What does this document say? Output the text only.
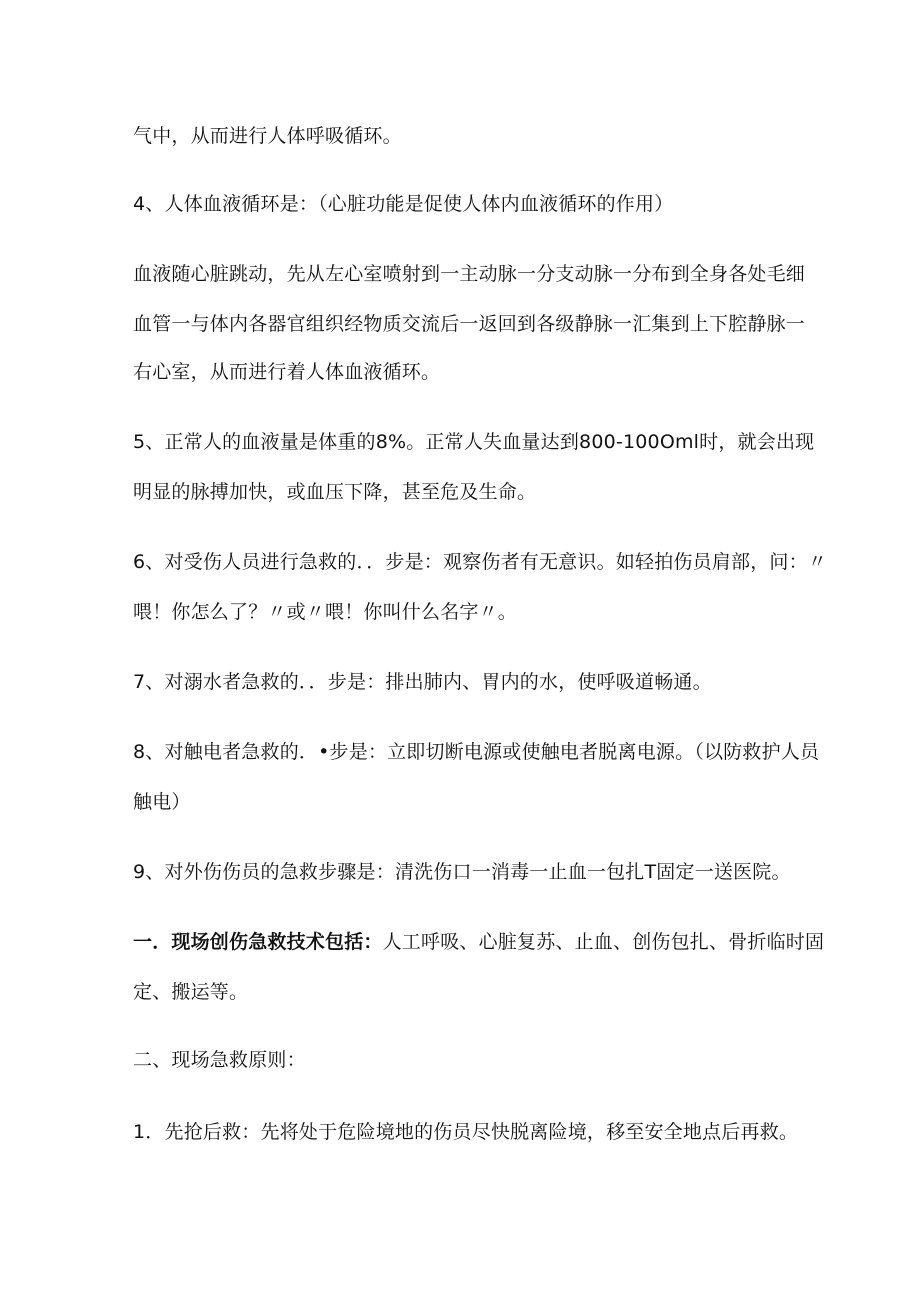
气中，从而进行人体呼吸循环。
4、人体血液循环是：（心脏功能是促使人体内血液循环的作用）
血液随心脏跳动，先从左心室喷射到一主动脉一分支动脉一分布到全身各处毛细
血管一与体内各器官组织经物质交流后一返回到各级静脉一汇集到上下腔静脉一
右心室，从而进行着人体血液循环。
5、正常人的血液量是体重的8%。正常人失血量达到800-100Oml时，就会出现
明显的脉搏加快，或血压下降，甚至危及生命。
6、对受伤人员进行急救的．．步是：观察伤者有无意识。如轻拍伤员肩部，问：〃
喂！你怎么了？〃或〃喂！你叫什么名字〃。
7、对溺水者急救的．．步是：排出肺内、胃内的水，使呼吸道畅通。
8、对触电者急救的．•步是：立即切断电源或使触电者脱离电源。（以防救护人员
触电）
9、对外伤伤员的急救步骤是：清洗伤口一消毒一止血一包扎T固定一送医院。
一．现场创伤急救技术包括：人工呼吸、心脏复苏、止血、创伤包扎、骨折临时固
定、搬运等。
二、现场急救原则：
1．先抢后救：先将处于危险境地的伤员尽快脱离险境，移至安全地点后再救。
